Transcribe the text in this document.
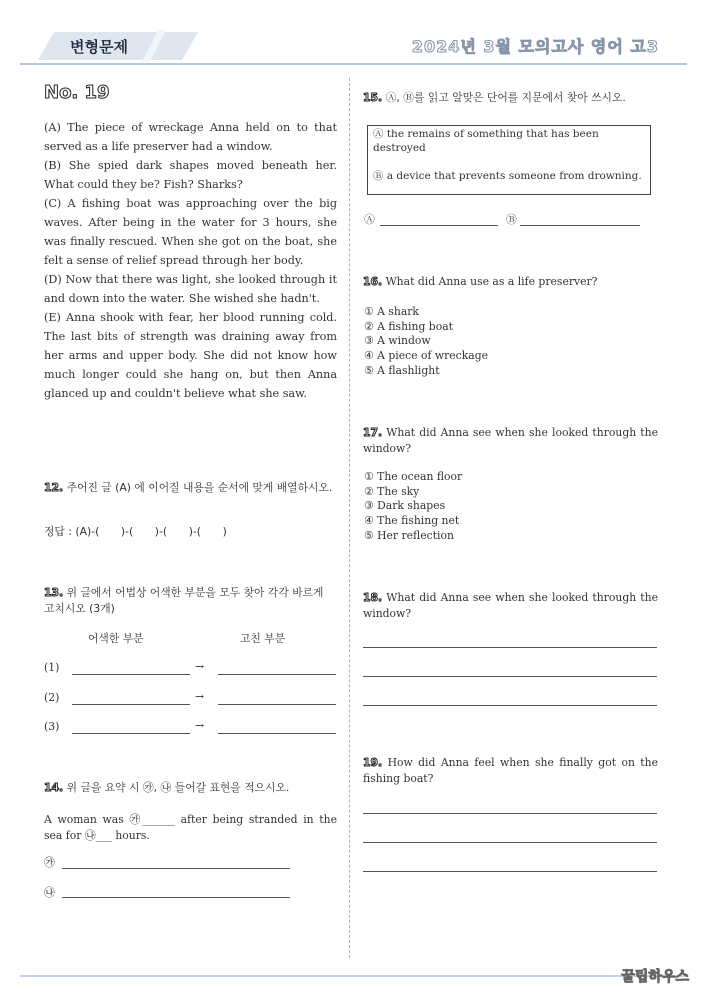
변형문제	2024년 3월 모의고사 영어 고3
No. 19

(A) The piece of wreckage Anna held on to that served as a life preserver had a window.

(B) She spied dark shapes moved beneath her. What could they be? Fish? Sharks?

(C) A fishing boat was approaching over the big waves. After being in the water for 3 hours, she was finally rescued. When she got on the boat, she felt a sense of relief spread through her body.

(D) Now that there was light, she looked through it and down into the water. She wished she hadn't.

(E) Anna shook with fear, her blood running cold. The last bits of strength was draining away from her arms and upper body. She did not know how much longer could she hang on, but then Anna glanced up and couldn't believe what she saw.

12. 주어진 글 (A) 에 이어질 내용을 순서에 맞게 배열하시오.
정답 : (A)-(　　)-(　　)-(　　)-(　　)
13. 위 글에서 어법상 어색한 부분을 모두 찾아 각각 바르게 고치시오 (3개)
어색한 부분	고친 부분
(1)	→
(2)	→
(3)	→
14. 위 글을 요약 시 ㉮, ㉯ 들어갈 표현을 적으시오.
A woman was ㉮______ after being stranded in the sea for ㉯___ hours.
㉮
㉯
15. Ⓐ, Ⓑ를 읽고 알맞은 단어를 지문에서 찾아 쓰시오.
Ⓐ the remains of something that has been destroyed
Ⓑ a device that prevents someone from drowning.
Ⓐ	Ⓑ
16. What did Anna use as a life preserver?
① A shark
② A fishing boat
③ A window
④ A piece of wreckage
⑤ A flashlight
17. What did Anna see when she looked through the window?
① The ocean floor
② The sky
③ Dark shapes
④ The fishing net
⑤ Her reflection
18. What did Anna see when she looked through the window?
19. How did Anna feel when she finally got on the fishing boat?
꿀팁하우스
